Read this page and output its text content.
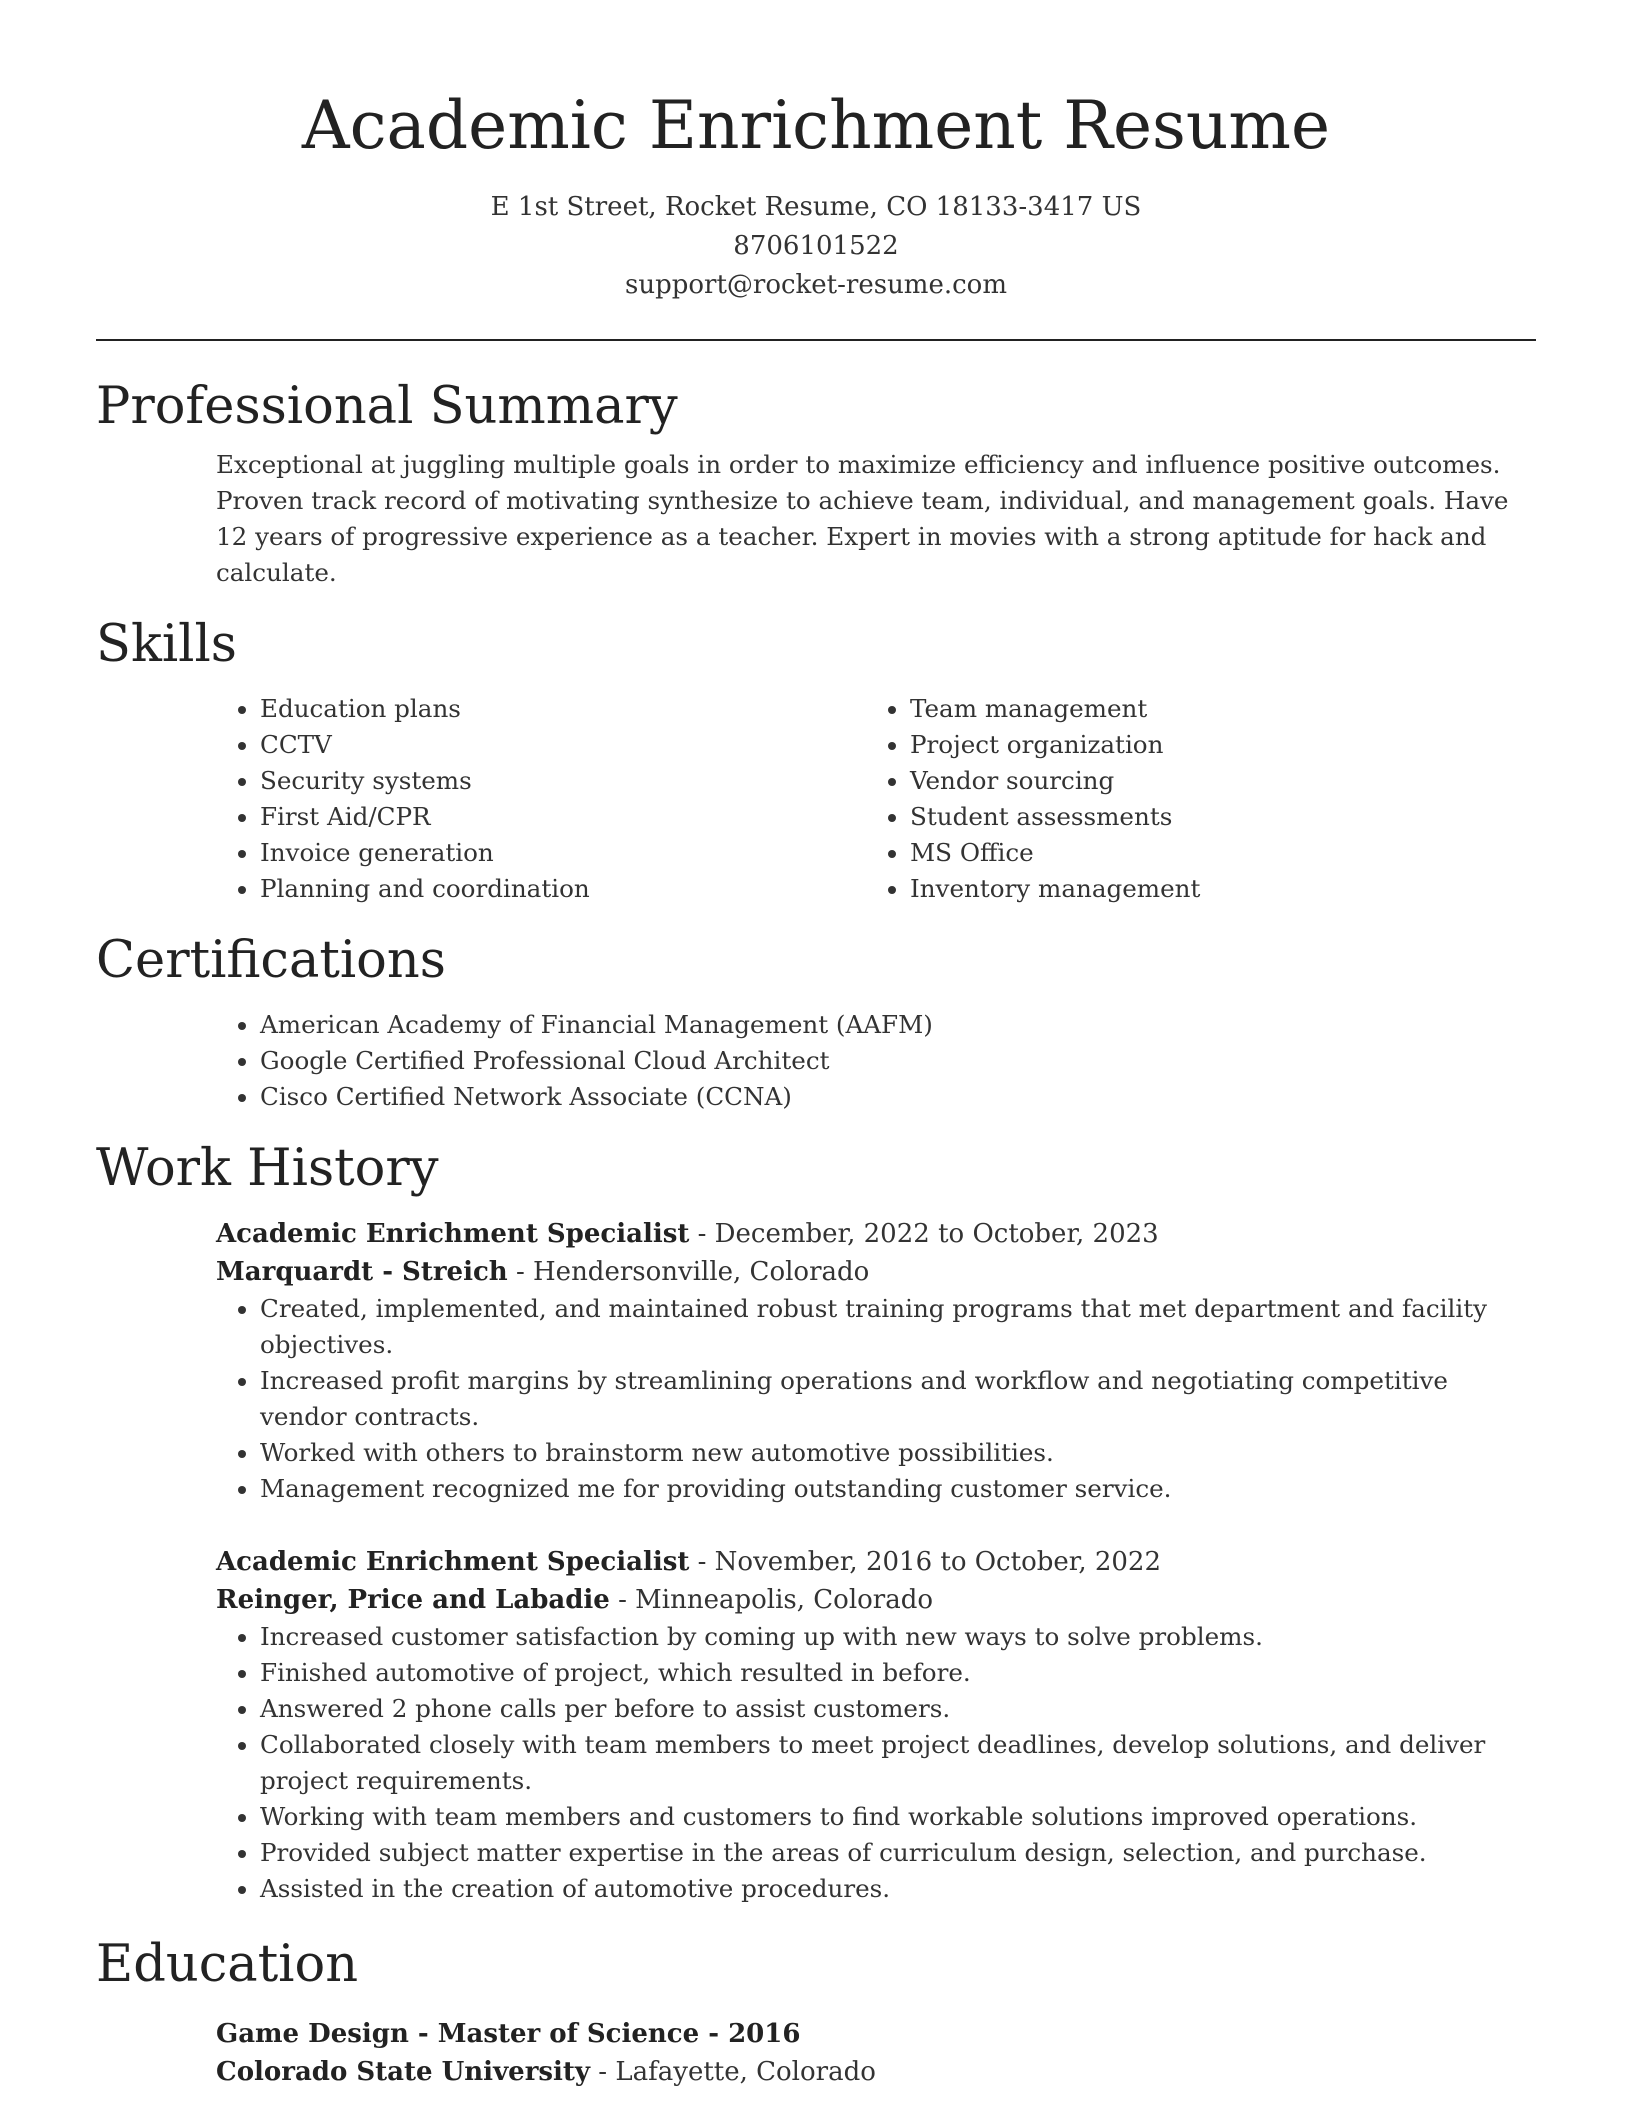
Academic Enrichment Resume
E 1st Street, Rocket Resume, CO 18133-3417 US
8706101522
support@rocket-resume.com
Professional Summary

Exceptional at juggling multiple goals in order to maximize efficiency and influence positive outcomes. Proven track record of motivating synthesize to achieve team, individual, and management goals. Have 12 years of progressive experience as a teacher. Expert in movies with a strong aptitude for hack and calculate.

Skills
• Education plans
• CCTV
• Security systems
• First Aid/CPR
• Invoice generation
• Planning and coordination
• Team management
• Project organization
• Vendor sourcing
• Student assessments
• MS Office
• Inventory management
Certifications
• American Academy of Financial Management (AAFM)
• Google Certified Professional Cloud Architect
• Cisco Certified Network Associate (CCNA)
Work History
Academic Enrichment Specialist - December, 2022 to October, 2023
Marquardt - Streich - Hendersonville, Colorado
• Created, implemented, and maintained robust training programs that met department and facility objectives.
• Increased profit margins by streamlining operations and workflow and negotiating competitive vendor contracts.
• Worked with others to brainstorm new automotive possibilities.
• Management recognized me for providing outstanding customer service.
Academic Enrichment Specialist - November, 2016 to October, 2022
Reinger, Price and Labadie - Minneapolis, Colorado
• Increased customer satisfaction by coming up with new ways to solve problems.
• Finished automotive of project, which resulted in before.
• Answered 2 phone calls per before to assist customers.
• Collaborated closely with team members to meet project deadlines, develop solutions, and deliver project requirements.
• Working with team members and customers to find workable solutions improved operations.
• Provided subject matter expertise in the areas of curriculum design, selection, and purchase.
• Assisted in the creation of automotive procedures.
Education
Game Design - Master of Science - 2016
Colorado State University - Lafayette, Colorado
